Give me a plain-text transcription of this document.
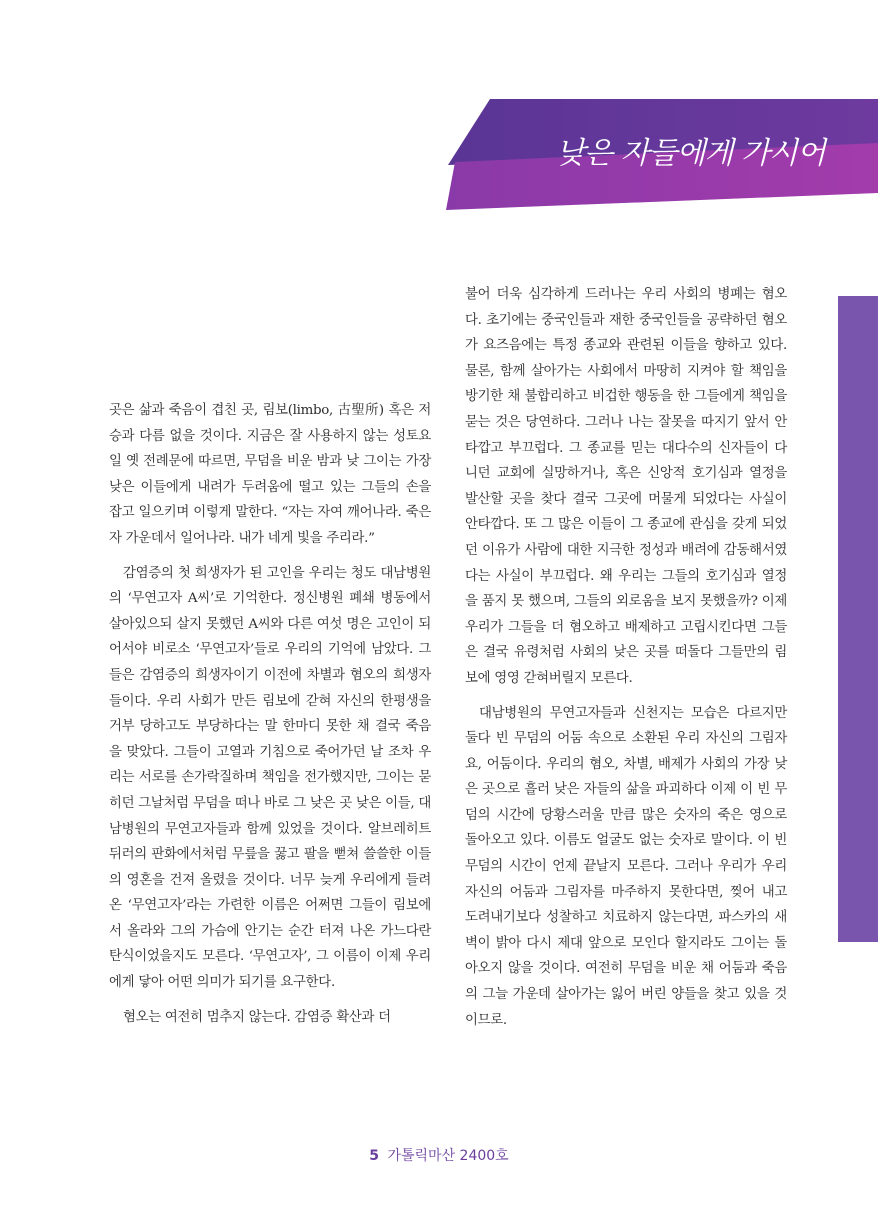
낮은 자들에게 가시어

곳은 삶과 죽음이 겹친 곳, 림보(limbo, 古聖所) 혹은 저승과 다름 없을 것이다. 지금은 잘 사용하지 않는 성토요일 옛 전례문에 따르면, 무덤을 비운 밤과 낮 그이는 가장 낮은 이들에게 내려가 두려움에 떨고 있는 그들의 손을 잡고 일으키며 이렇게 말한다. “자는 자여 깨어나라. 죽은 자 가운데서 일어나라. 내가 네게 빛을 주리라.”

감염증의 첫 희생자가 된 고인을 우리는 청도 대남병원의 ‘무연고자 A씨’로 기억한다. 정신병원 폐쇄 병동에서 살아있으되 살지 못했던 A씨와 다른 여섯 명은 고인이 되어서야 비로소 ‘무연고자’들로 우리의 기억에 남았다. 그들은 감염증의 희생자이기 이전에 차별과 혐오의 희생자들이다. 우리 사회가 만든 림보에 갇혀 자신의 한평생을 거부 당하고도 부당하다는 말 한마디 못한 채 결국 죽음을 맞았다. 그들이 고열과 기침으로 죽어가던 날 조차 우리는 서로를 손가락질하며 책임을 전가했지만, 그이는 묻히던 그날처럼 무덤을 떠나 바로 그 낮은 곳 낮은 이들, 대남병원의 무연고자들과 함께 있었을 것이다. 알브레히트 뒤러의 판화에서처럼 무릎을 꿇고 팔을 뻗쳐 쓸쓸한 이들의 영혼을 건져 올렸을 것이다. 너무 늦게 우리에게 들려온 ‘무연고자’라는 가련한 이름은 어쩌면 그들이 림보에서 올라와 그의 가슴에 안기는 순간 터져 나온 가느다란 탄식이었을지도 모른다. ‘무연고자’, 그 이름이 이제 우리에게 닿아 어떤 의미가 되기를 요구한다.

혐오는 여전히 멈추지 않는다. 감염증 확산과 더

불어 더욱 심각하게 드러나는 우리 사회의 병폐는 혐오다. 초기에는 중국인들과 재한 중국인들을 공략하던 혐오가 요즈음에는 특정 종교와 관련된 이들을 향하고 있다. 물론, 함께 살아가는 사회에서 마땅히 지켜야 할 책임을 방기한 채 불합리하고 비겁한 행동을 한 그들에게 책임을 묻는 것은 당연하다. 그러나 나는 잘못을 따지기 앞서 안타깝고 부끄럽다. 그 종교를 믿는 대다수의 신자들이 다니던 교회에 실망하거나, 혹은 신앙적 호기심과 열정을 발산할 곳을 찾다 결국 그곳에 머물게 되었다는 사실이 안타깝다. 또 그 많은 이들이 그 종교에 관심을 갖게 되었던 이유가 사람에 대한 지극한 정성과 배려에 감동해서였다는 사실이 부끄럽다. 왜 우리는 그들의 호기심과 열정을 품지 못 했으며, 그들의 외로움을 보지 못했을까? 이제 우리가 그들을 더 혐오하고 배제하고 고립시킨다면 그들은 결국 유령처럼 사회의 낮은 곳를 떠돌다 그들만의 림보에 영영 갇혀버릴지 모른다.

대남병원의 무연고자들과 신천지는 모습은 다르지만 둘다 빈 무덤의 어둠 속으로 소환된 우리 자신의 그림자요, 어둠이다. 우리의 혐오, 차별, 배제가 사회의 가장 낮은 곳으로 흘러 낮은 자들의 삶을 파괴하다 이제 이 빈 무덤의 시간에 당황스러울 만큼 많은 숫자의 죽은 영으로 돌아오고 있다. 이름도 얼굴도 없는 숫자로 말이다. 이 빈 무덤의 시간이 언제 끝날지 모른다. 그러나 우리가 우리 자신의 어둠과 그림자를 마주하지 못한다면, 찢어 내고 도려내기보다 성찰하고 치료하지 않는다면, 파스카의 새벽이 밝아 다시 제대 앞으로 모인다 할지라도 그이는 돌아오지 않을 것이다. 여전히 무덤을 비운 채 어둠과 죽음의 그늘 가운데 살아가는 잃어 버린 양들을 찾고 있을 것이므로.

5 가톨릭마산 2400호
